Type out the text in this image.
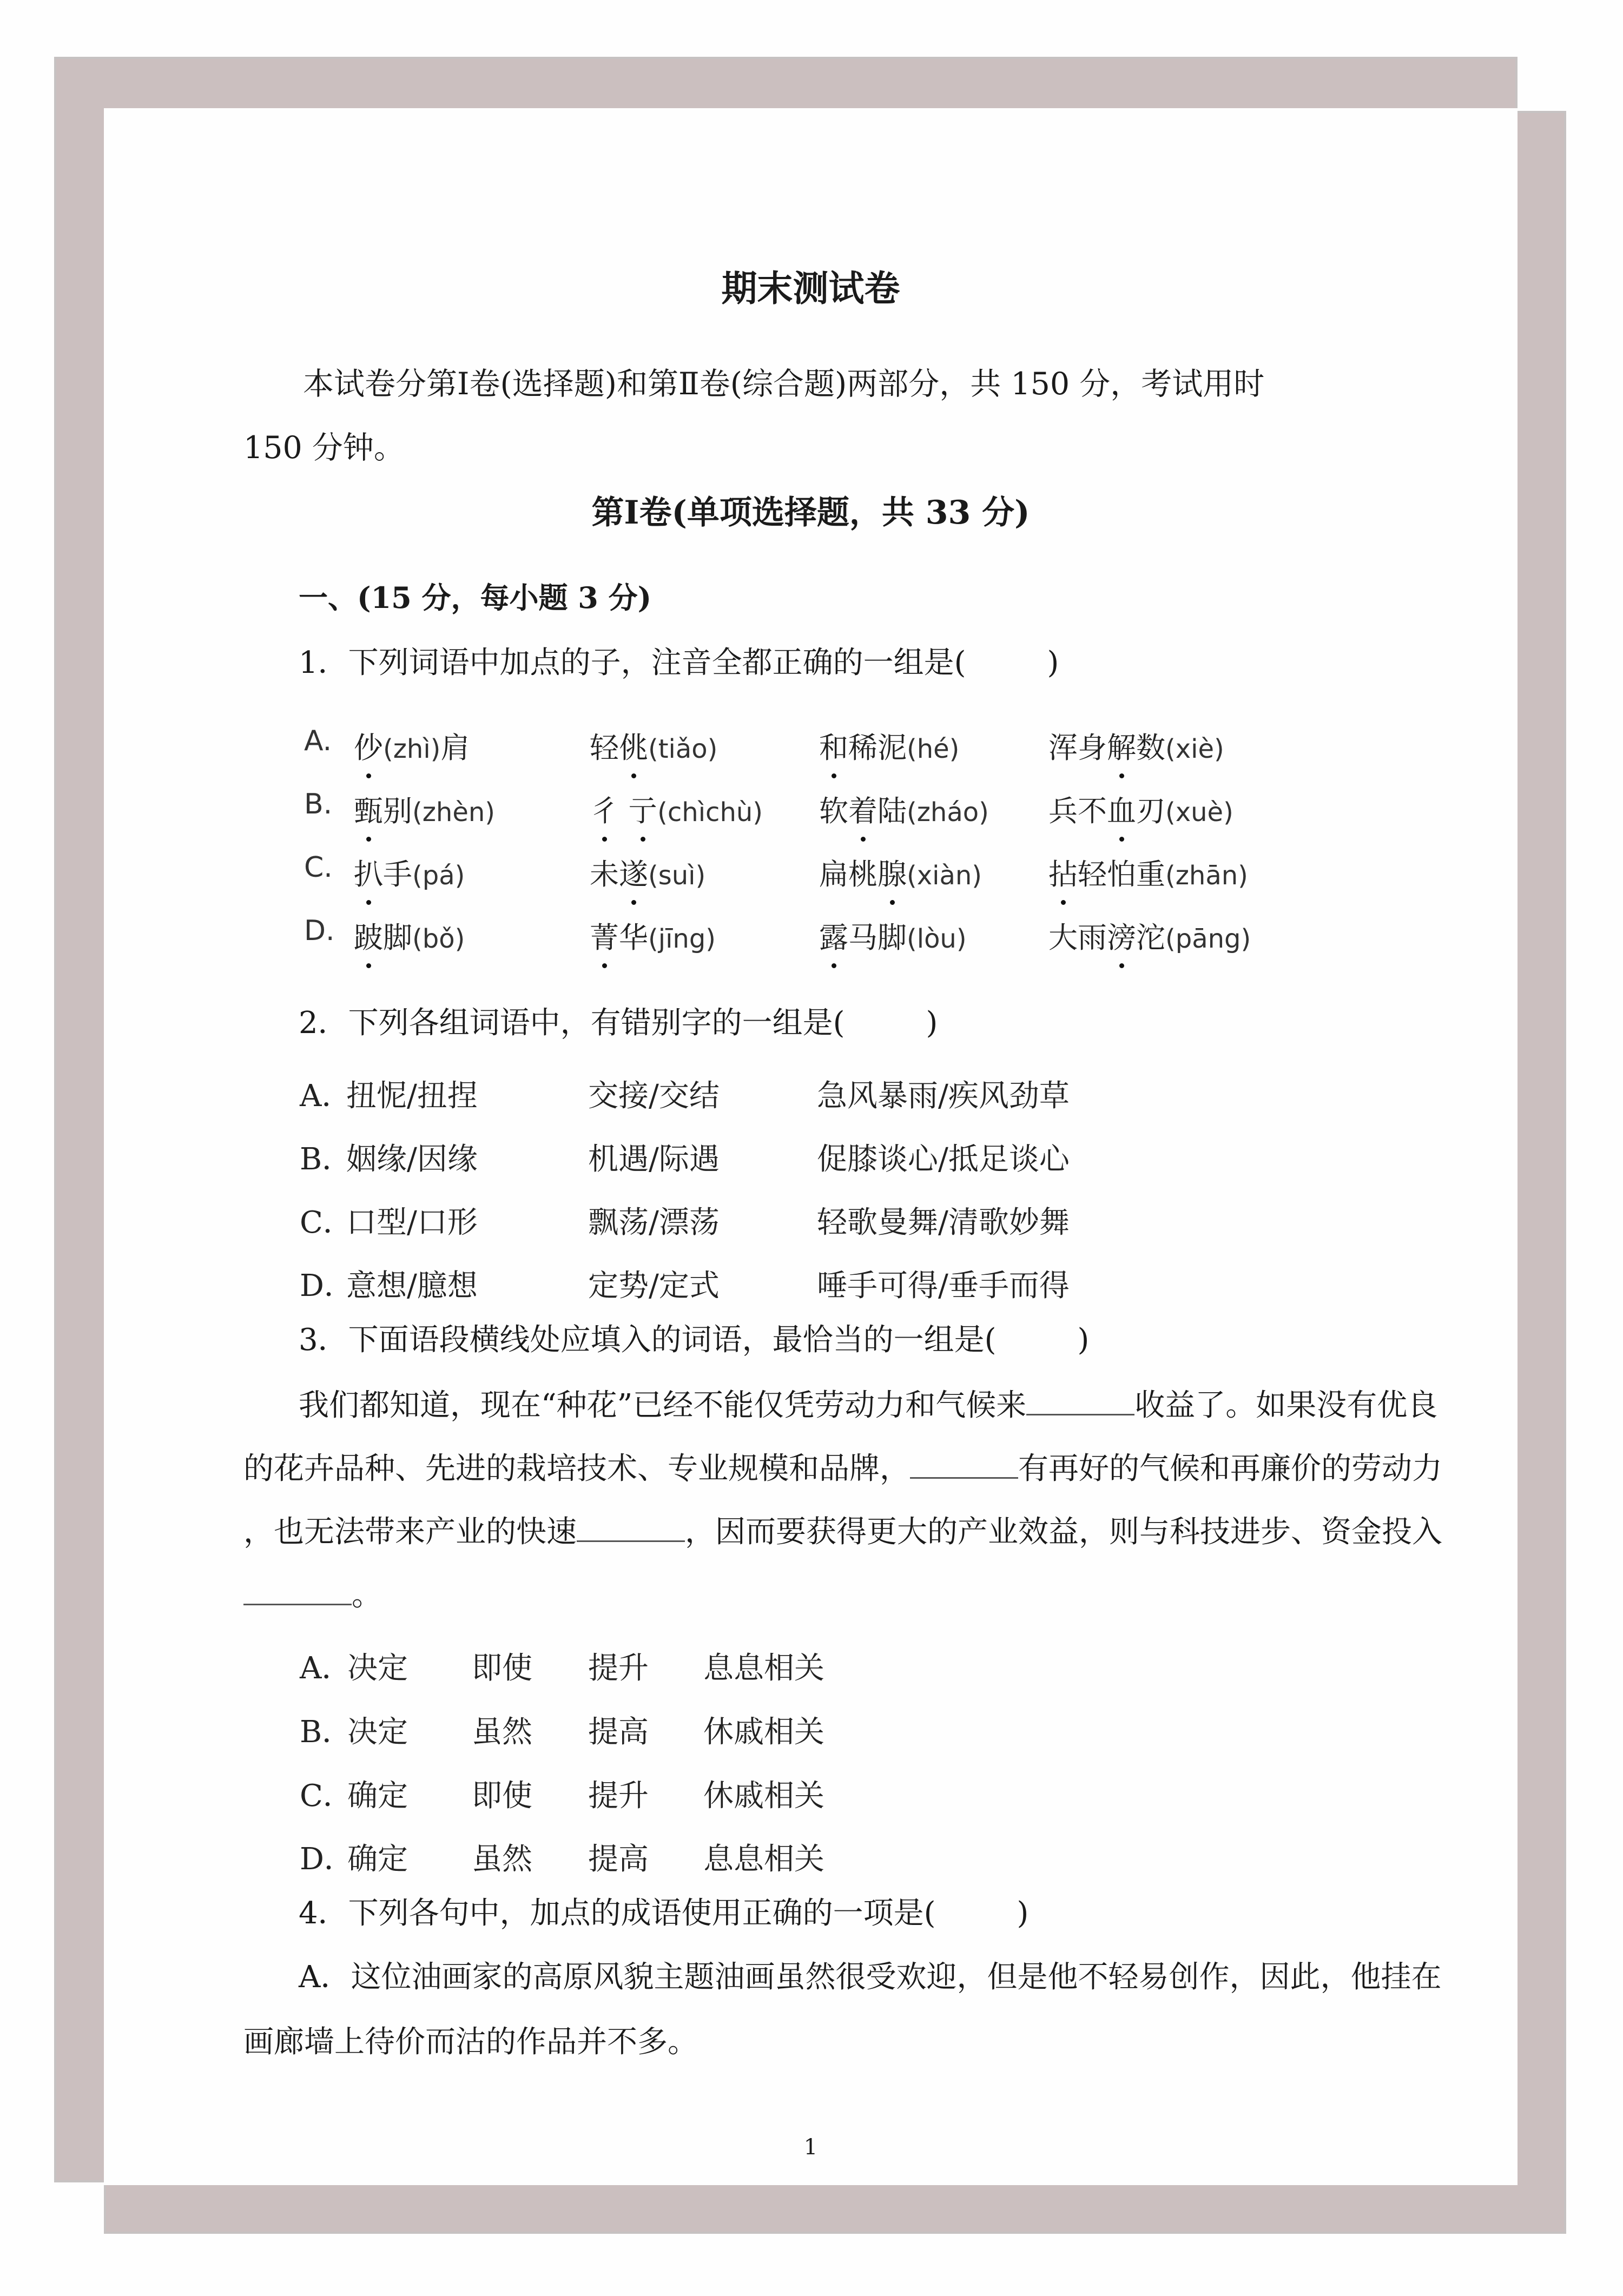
期末测试卷
本试卷分第Ⅰ卷(选择题)和第Ⅱ卷(综合题)两部分，共 150 分，考试用时
150 分钟。
第Ⅰ卷(单项选择题，共 33 分)
一、(15 分，每小题 3 分)
1．下列词语中加点的子，注音全都正确的一组是(	)
A. 仯(zhì)肩	轻佻(tiǎo)	和稀泥(hé)	浑身解数(xiè)
B. 甄别(zhèn)	彳 亍(chìchù) 软着陆(zháo) 兵不血刃(xuè)
C. 扒手(pá)	未遂(suì)	扁桃腺(xiàn) 拈轻怕重(zhān)
D. 跛脚(bǒ)	菁华(jīng)	露马脚(lòu)	大雨滂沱(pāng)
2．下列各组词语中，有错别字的一组是(	)
A．
扭怩/扭捏	交接/交结	急风暴雨/疾风劲草
B．
姻缘/因缘	机遇/际遇	促膝谈心/抵足谈心
C．
口型/口形	飘荡/漂荡	轻歌曼舞/清歌妙舞
D．
意想/臆想	定势/定式	唾手可得/垂手而得
3．下面语段横线处应填入的词语，最恰当的一组是(	)
我们都知道，现在“种花”已经不能仅凭劳动力和气候来	收益了。如果没有优良
的花卉品种、先进的栽培技术、专业规模和品牌，	有再好的气候和再廉价的劳动力
，也无法带来产业的快速	，因而要获得更大的产业效益，则与科技进步、资金投入
。
A．
决定 即使 提升 息息相关
B．
决定 虽然 提高 休戚相关
C．
确定 即使 提升 休戚相关
D．
确定 虽然 提高 息息相关
4．下列各句中，加点的成语使用正确的一项是(	)
A．这位油画家的高原风貌主题油画虽然很受欢迎，但是他不轻易创作，因此，他挂在
画廊墙上待价而沽的作品并不多。
1
